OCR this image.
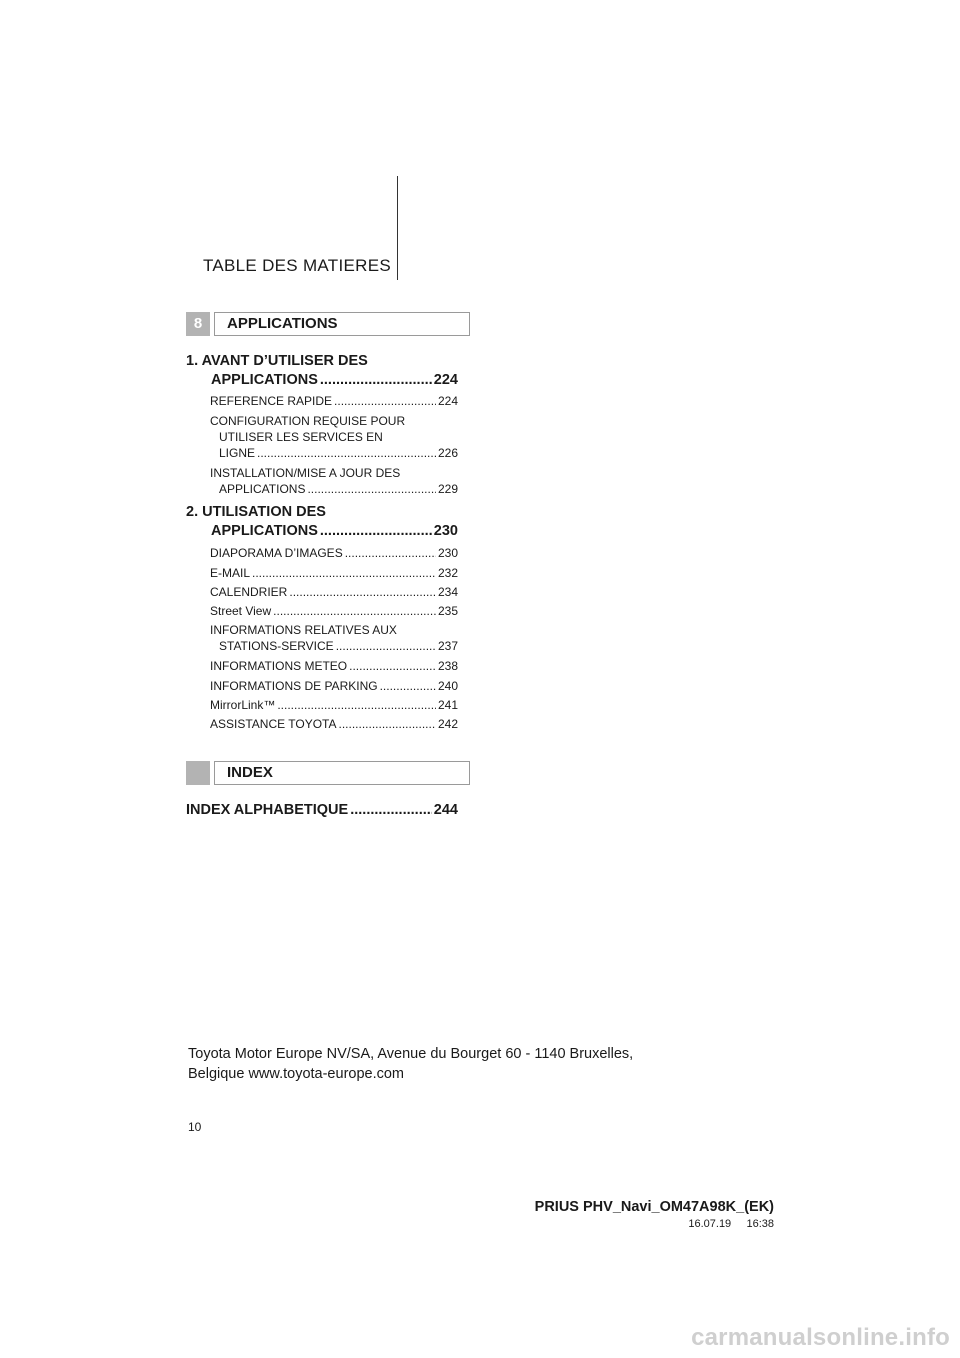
TABLE DES MATIERES
8	APPLICATIONS
1. AVANT D’UTILISER DES
APPLICATIONS .....	224
REFERENCE RAPIDE .....	224
CONFIGURATION REQUISE POUR
UTILISER LES SERVICES EN
LIGNE .....	226
INSTALLATION/MISE A JOUR DES
APPLICATIONS .....	229
2. UTILISATION DES
APPLICATIONS .....	230
DIAPORAMA D’IMAGES .....	230
E-MAIL .....	232
CALENDRIER .....	234
Street View .....	235
INFORMATIONS RELATIVES AUX
STATIONS-SERVICE .....	237
INFORMATIONS METEO .....	238
INFORMATIONS DE PARKING .....	240
MirrorLink™ .....	241
ASSISTANCE TOYOTA .....	242
INDEX
INDEX ALPHABETIQUE .....	244
Toyota Motor Europe NV/SA, Avenue du Bourget 60 - 1140 Bruxelles,
Belgique www.toyota-europe.com
10
PRIUS PHV_Navi_OM47A98K_(EK)
16.07.19     16:38
carmanualsonline.info
